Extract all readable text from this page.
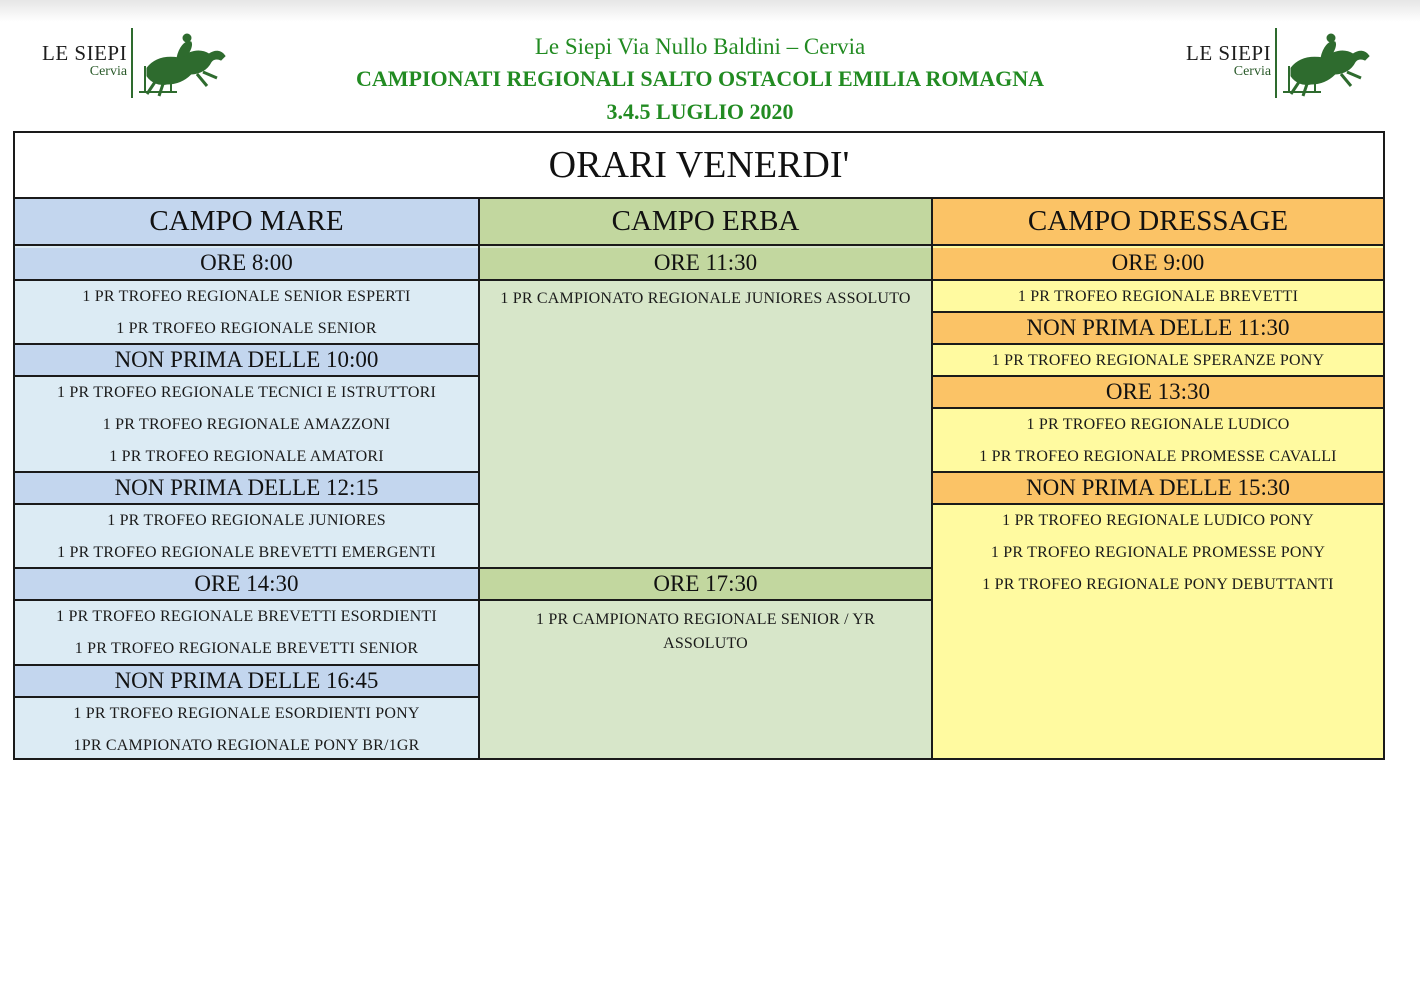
LE SIEPI
Cervia
LE SIEPI
Cervia
Le Siepi Via Nullo Baldini – Cervia
CAMPIONATI REGIONALI SALTO OSTACOLI EMILIA ROMAGNA
3.4.5 LUGLIO 2020
ORARI VENERDI'
CAMPO MARE
ORE 8:00
1 PR TROFEO REGIONALE SENIOR ESPERTI
1 PR TROFEO REGIONALE SENIOR
NON PRIMA DELLE 10:00
1 PR TROFEO REGIONALE TECNICI E ISTRUTTORI
1 PR TROFEO REGIONALE AMAZZONI
1 PR TROFEO REGIONALE AMATORI
NON PRIMA DELLE 12:15
1 PR TROFEO REGIONALE JUNIORES
1 PR TROFEO REGIONALE BREVETTI EMERGENTI
ORE 14:30
1 PR TROFEO REGIONALE BREVETTI ESORDIENTI
1 PR TROFEO REGIONALE BREVETTI SENIOR
NON PRIMA DELLE 16:45
1 PR TROFEO REGIONALE ESORDIENTI PONY
1PR CAMPIONATO REGIONALE PONY BR/1GR
CAMPO ERBA
ORE 11:30
1 PR CAMPIONATO REGIONALE JUNIORES ASSOLUTO
ORE 17:30
1 PR CAMPIONATO REGIONALE SENIOR / YR ASSOLUTO
CAMPO DRESSAGE
ORE 9:00
1 PR TROFEO REGIONALE BREVETTI
NON PRIMA DELLE 11:30
1 PR TROFEO REGIONALE SPERANZE PONY
ORE 13:30
1 PR TROFEO REGIONALE LUDICO
1 PR TROFEO REGIONALE PROMESSE CAVALLI
NON PRIMA DELLE 15:30
1 PR TROFEO REGIONALE LUDICO PONY
1 PR TROFEO REGIONALE PROMESSE PONY
1 PR TROFEO REGIONALE PONY DEBUTTANTI
